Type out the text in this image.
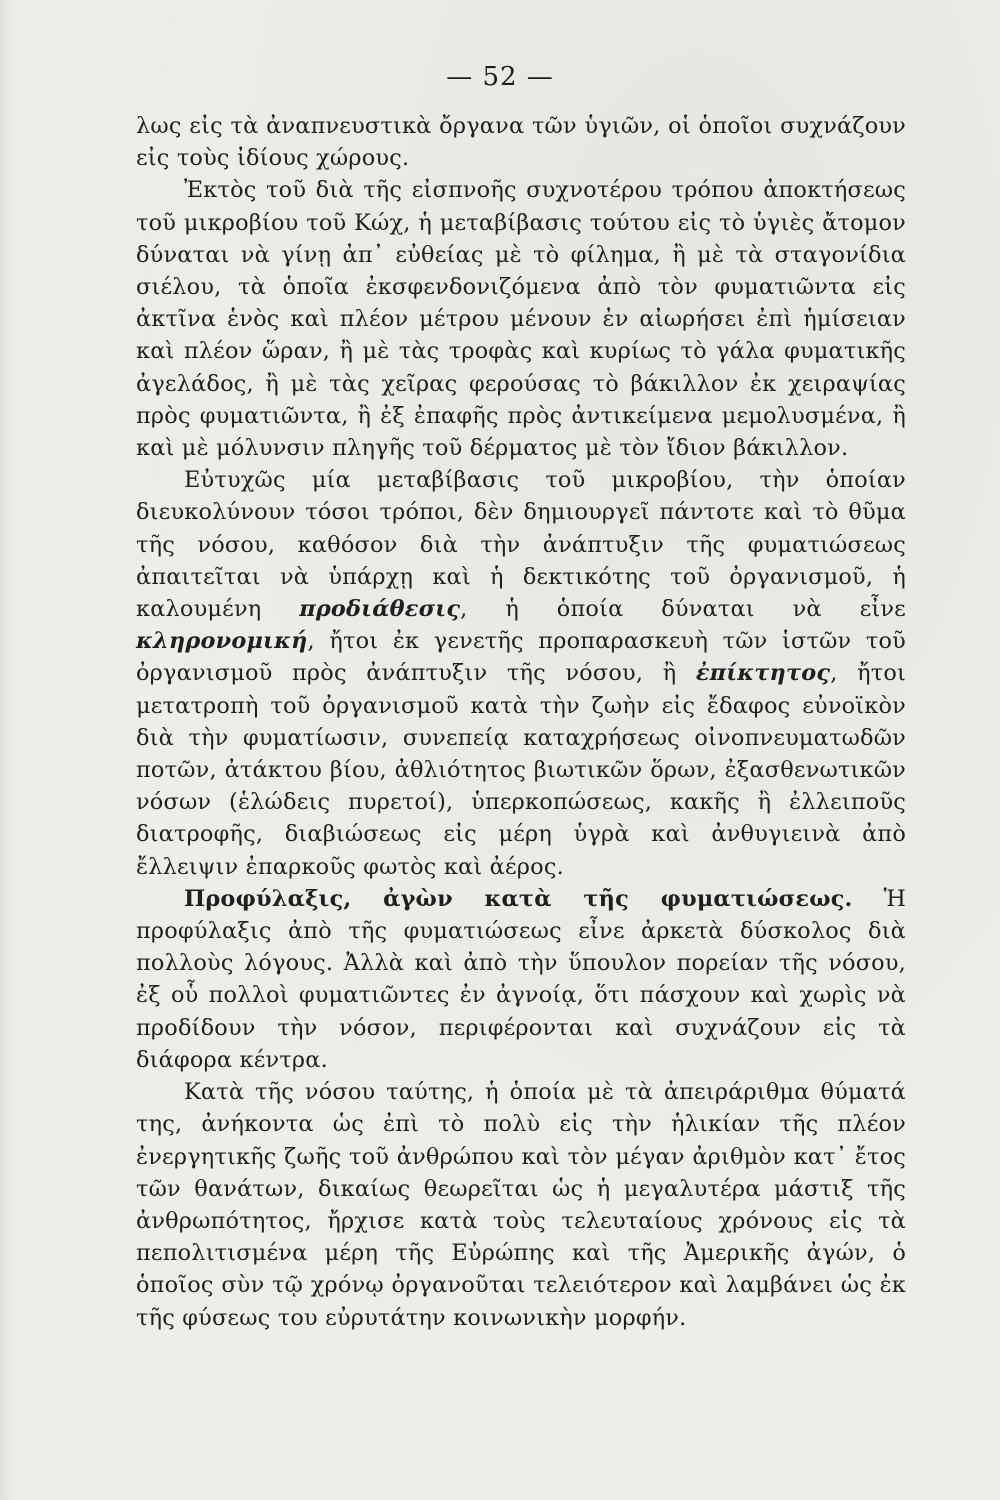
— 52 —

λως εἰς τὰ ἀναπνευστικὰ ὄργανα τῶν ὑγιῶν, οἱ ὁποῖοι συχνάζουν εἰς τοὺς ἰδίους χώρους.

Ἐκτὸς τοῦ διὰ τῆς εἰσπνοῆς συχνοτέρου τρόπου ἀποκτήσεως τοῦ μικροβίου τοῦ Κώχ, ἡ μεταβίβασις τούτου εἰς τὸ ὑγιὲς ἄτομον δύναται νὰ γίνῃ ἀπ᾽ εὐθείας μὲ τὸ φίλημα, ἢ μὲ τὰ σταγονίδια σιέλου, τὰ ὁποῖα ἐκσφενδονιζόμενα ἀπὸ τὸν φυματιῶντα εἰς ἀκτῖνα ἑνὸς καὶ πλέον μέτρου μένουν ἐν αἰωρήσει ἐπὶ ἡμίσειαν καὶ πλέον ὥραν, ἢ μὲ τὰς τροφὰς καὶ κυρίως τὸ γάλα φυματικῆς ἀγελάδος, ἢ μὲ τὰς χεῖρας φερούσας τὸ βάκιλλον ἐκ χειραψίας πρὸς φυματιῶντα, ἢ ἐξ ἐπαφῆς πρὸς ἀντικείμενα μεμολυσμένα, ἢ καὶ μὲ μόλυνσιν πληγῆς τοῦ δέρματος μὲ τὸν ἴδιον βάκιλλον.

Εὐτυχῶς μία μεταβίβασις τοῦ μικροβίου, τὴν ὁποίαν διευκολύνουν τόσοι τρόποι, δὲν δημιουργεῖ πάντοτε καὶ τὸ θῦμα τῆς νόσου, καθόσον διὰ τὴν ἀνάπτυξιν τῆς φυματιώσεως ἀπαιτεῖται νὰ ὑπάρχῃ καὶ ἡ δεκτικότης τοῦ ὀργανισμοῦ, ἡ καλουμένη προδιάθεσις, ἡ ὁποία δύναται νὰ εἶνε κληρονομική, ἤτοι ἐκ γενετῆς προπαρασκευὴ τῶν ἱστῶν τοῦ ὀργανισμοῦ πρὸς ἀνάπτυξιν τῆς νόσου, ἢ ἐπίκτητος, ἤτοι μετατροπὴ τοῦ ὀργανισμοῦ κατὰ τὴν ζωὴν εἰς ἔδαφος εὐνοϊκὸν διὰ τὴν φυματίωσιν, συνεπείᾳ καταχρήσεως οἰνοπνευματωδῶν ποτῶν, ἀτάκτου βίου, ἀθλιότητος βιωτικῶν ὅρων, ἐξασθενωτικῶν νόσων (ἑλώδεις πυρετοί), ὑπερκοπώσεως, κακῆς ἢ ἐλλειποῦς διατροφῆς, διαβιώσεως εἰς μέρη ὑγρὰ καὶ ἀνθυγιεινὰ ἀπὸ ἔλλειψιν ἐπαρκοῦς φωτὸς καὶ ἀέρος.

Προφύλαξις, ἀγὼν κατὰ τῆς φυματιώσεως. Ἡ προφύλαξις ἀπὸ τῆς φυματιώσεως εἶνε ἀρκετὰ δύσκολος διὰ πολλοὺς λόγους. Ἀλλὰ καὶ ἀπὸ τὴν ὕπουλον πορείαν τῆς νόσου, ἐξ οὗ πολλοὶ φυματιῶντες ἐν ἀγνοίᾳ, ὅτι πάσχουν καὶ χωρὶς νὰ προδίδουν τὴν νόσον, περιφέρονται καὶ συχνάζουν εἰς τὰ διάφορα κέντρα.

Κατὰ τῆς νόσου ταύτης, ἡ ὁποία μὲ τὰ ἀπειράριθμα θύματά της, ἀνήκοντα ὡς ἐπὶ τὸ πολὺ εἰς τὴν ἡλικίαν τῆς πλέον ἐνεργητικῆς ζωῆς τοῦ ἀνθρώπου καὶ τὸν μέγαν ἀριθμὸν κατ᾽ ἔτος τῶν θανάτων, δικαίως θεωρεῖται ὡς ἡ μεγαλυτέρα μάστιξ τῆς ἀνθρωπότητος, ἤρχισε κατὰ τοὺς τελευταίους χρόνους εἰς τὰ πεπολιτισμένα μέρη τῆς Εὐρώπης καὶ τῆς Ἀμερικῆς ἀγών, ὁ ὁποῖος σὺν τῷ χρόνῳ ὀργανοῦται τελειότερον καὶ λαμβάνει ὡς ἐκ τῆς φύσεως του εὐρυτάτην κοινωνικὴν μορφήν.
